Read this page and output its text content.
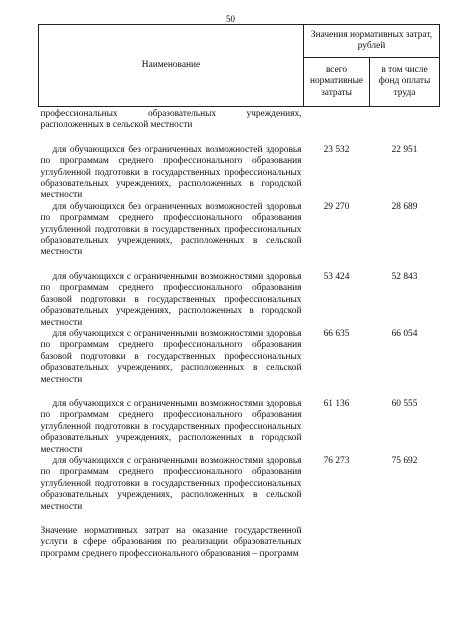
50
Наименование	Значения нормативных затрат, рублей	
	всего нормативные затраты	в том числе фонд оплаты труда
профессиональных образовательных учреждениях, расположенных в сельской местности		

для обучающихся без ограниченных возможностей здоровья по программам среднего профессионального образования углубленной подготовки в государственных профессиональных образовательных учреждениях, расположенных в городской местности	23 532	22 951

для обучающихся без ограниченных возможностей здоровья по программам среднего профессионального образования углубленной подготовки в государственных профессиональных образовательных учреждениях, расположенных в сельской местности	29 270	28 689

для обучающихся с ограниченными возможностями здоровья по программам среднего профессионального образования базовой подготовки в государственных профессиональных образовательных учреждениях, расположенных в городской местности	53 424	52 843

для обучающихся с ограниченными возможностями здоровья по программам среднего профессионального образования базовой подготовки в государственных профессиональных образовательных учреждениях, расположенных в сельской местности	66 635	66 054

для обучающихся с ограниченными возможностями здоровья по программам среднего профессионального образования углубленной подготовки в государственных профессиональных образовательных учреждениях, расположенных в городской местности	61 136	60 555

для обучающихся с ограниченными возможностями здоровья по программам среднего профессионального образования углубленной подготовки в государственных профессиональных образовательных учреждениях, расположенных в сельской местности	76 273	75 692

Значение нормативных затрат на оказание государственной услуги в сфере образования по реализации образовательных программ среднего профессионального образования – программ		
